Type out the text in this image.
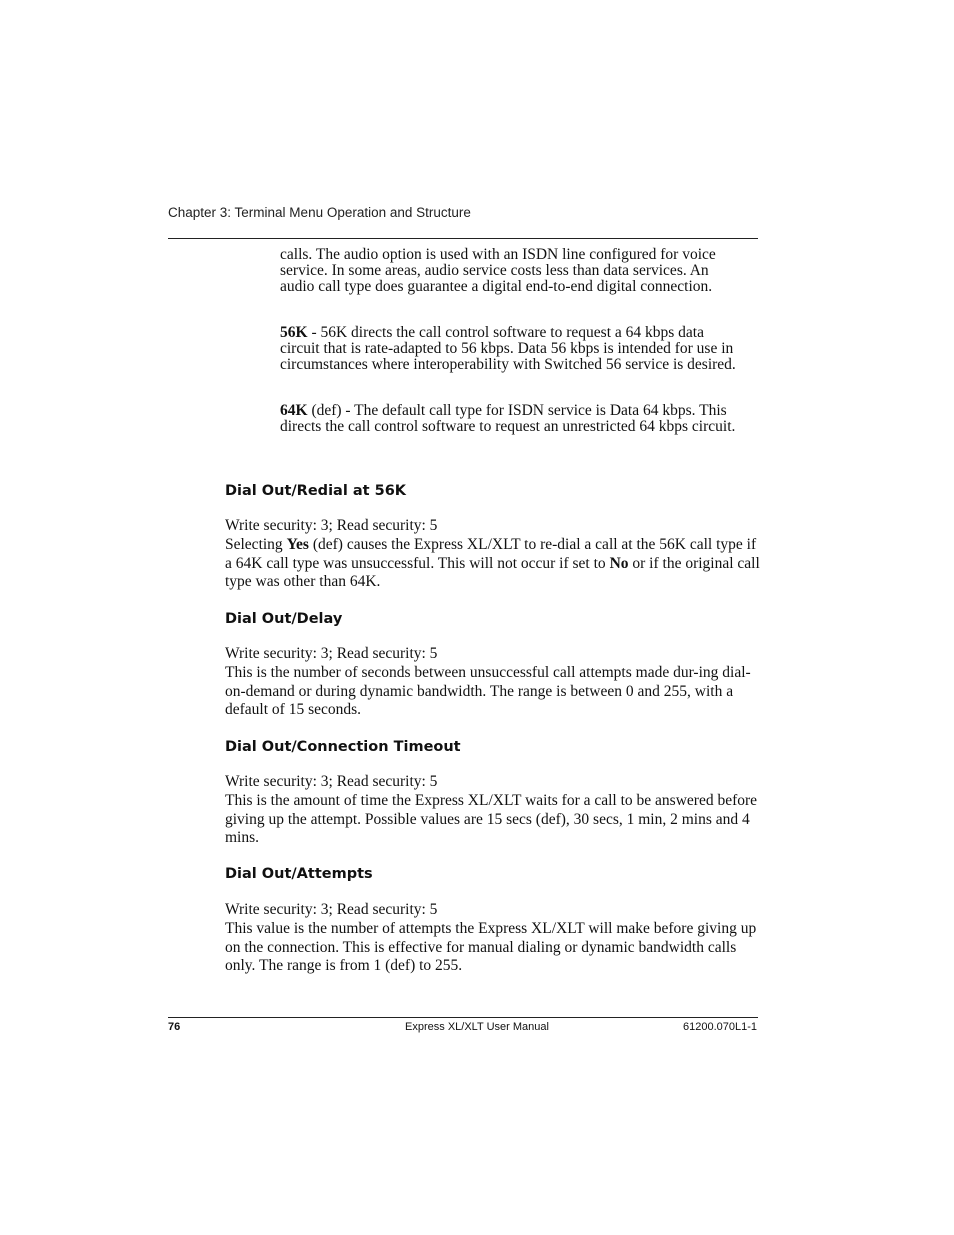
Chapter 3: Terminal Menu Operation and Structure

calls. The audio option is used with an ISDN line configured for voice service. In some areas, audio service costs less than data services. An audio call type does guarantee a digital end-to-end digital connection.

56K - 56K directs the call control software to request a 64 kbps data circuit that is rate-adapted to 56 kbps. Data 56 kbps is intended for use in circumstances where interoperability with Switched 56 service is desired.

64K (def) - The default call type for ISDN service is Data 64 kbps. This directs the call control software to request an unrestricted 64 kbps circuit.

Dial Out/Redial at 56K

Write security: 3; Read security: 5

Selecting Yes (def) causes the Express XL/XLT to re-dial a call at the 56K call type if a 64K call type was unsuccessful. This will not occur if set to No or if the original call type was other than 64K.

Dial Out/Delay

Write security: 3; Read security: 5

This is the number of seconds between unsuccessful call attempts made dur-ing dial-on-demand or during dynamic bandwidth. The range is between 0 and 255, with a default of 15 seconds.

Dial Out/Connection Timeout

Write security: 3; Read security: 5

This is the amount of time the Express XL/XLT waits for a call to be answered before giving up the attempt. Possible values are 15 secs (def), 30 secs, 1 min, 2 mins and 4 mins.

Dial Out/Attempts

Write security: 3; Read security: 5

This value is the number of attempts the Express XL/XLT will make before giving up on the connection. This is effective for manual dialing or dynamic bandwidth calls only. The range is from 1 (def) to 255.

76	Express XL/XLT User Manual	61200.070L1-1
